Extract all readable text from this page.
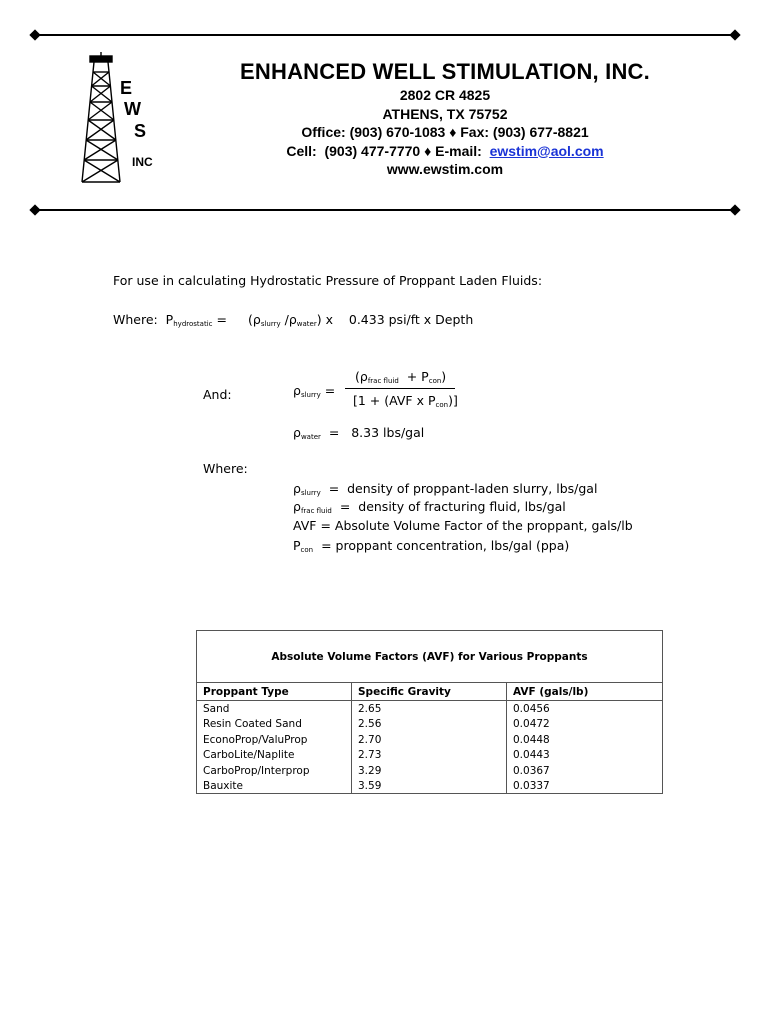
E
W
S
INC
ENHANCED WELL STIMULATION, INC.
2802 CR 4825
ATHENS, TX 75752
Office: (903) 670-1083 ♦ Fax: (903) 677-8821
Cell:  (903) 477-7770 ♦ E-mail:  ewstim@aol.com
www.ewstim.com
For use in calculating Hydrostatic Pressure of Proppant Laden Fluids:
Where:  $P_{hydrostatic} = (\rho_{slurry}$ $/\rho_{water}$) x    0.433 psi/ft x Depth
And:	$\rho_{slurry}$ =
$(\rho_{frac fluid} + P_{con})$
[1 + (AVF x $P_{con}$)]
$\rho_{water} = 8.33$ lbs/gal
Where:
$\rho_{slurry}$  =  density of proppant-laden slurry, lbs/gal
$\rho_{frac fluid}$  =  density of fracturing fluid, lbs/gal
AVF = Absolute Volume Factor of the proppant, gals/lb
$P_{con}$  = proppant concentration, lbs/gal (ppa)
Absolute Volume Factors (AVF) for Various Proppants
Proppant Type	Specific Gravity	AVF (gals/lb)
Sand	2.65	0.0456
Resin Coated Sand	2.56	0.0472
EconoProp/ValuProp	2.70	0.0448
CarboLite/Naplite	2.73	0.0443
CarboProp/Interprop	3.29	0.0367
Bauxite	3.59	0.0337
